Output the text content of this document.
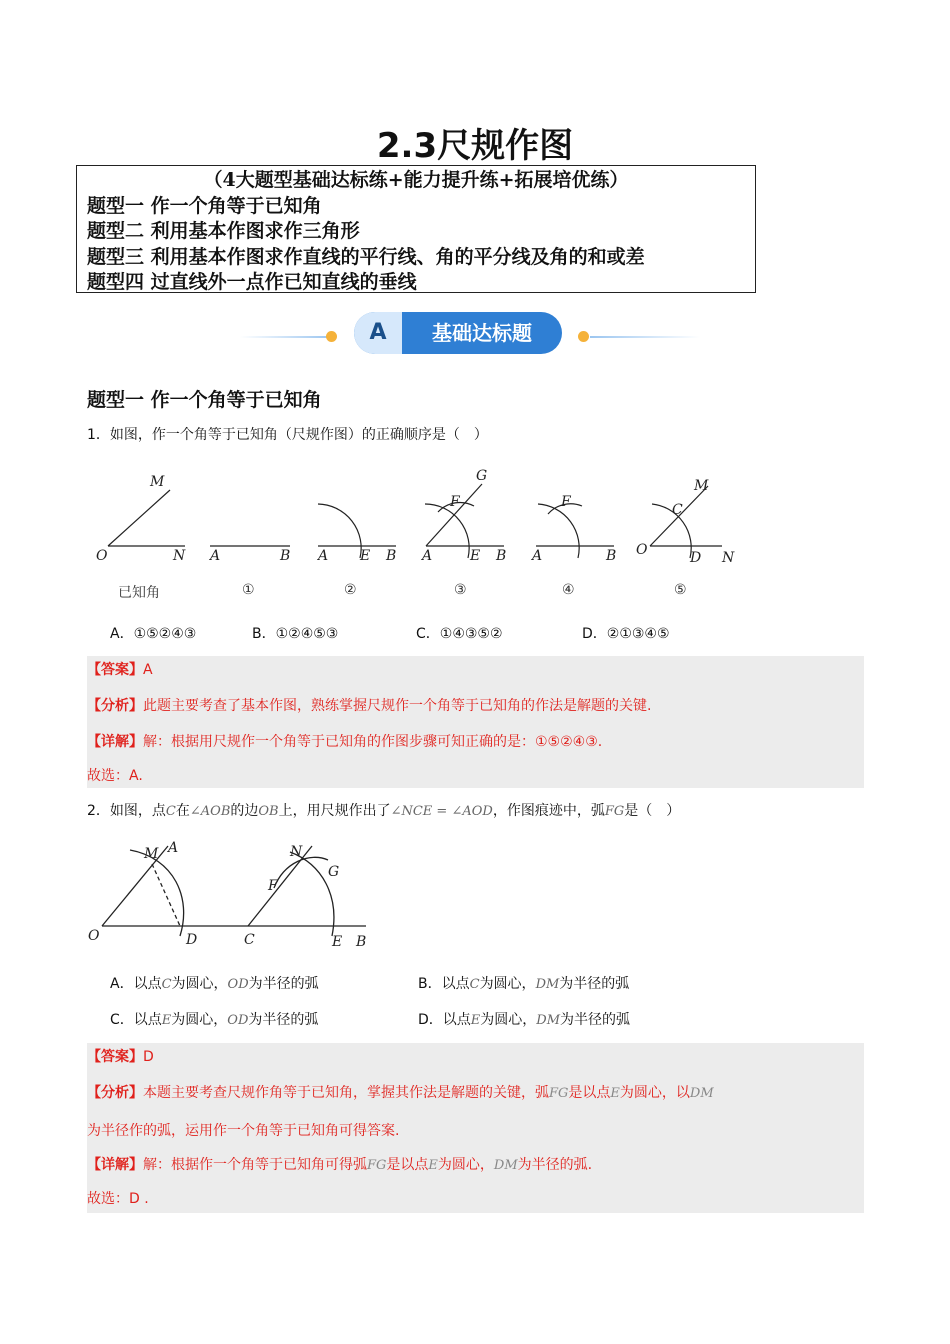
2.3尺规作图
（4大题型基础达标练+能力提升练+拓展培优练）
题型一 作一个角等于已知角
题型二 利用基本作图求作三角形
题型三 利用基本作图求作直线的平行线、角的平分线及角的和或差
题型四 过直线外一点作已知直线的垂线
A	基础达标题
题型一 作一个角等于已知角
1．如图，作一个角等于已知角（尺规作图）的正确顺序是（　）
M
O	N A	B A E B A	E B
F
G
A	B
F
O	D N
C
M
已知角	①	②	③	④	⑤
A．①⑤②④③	B．①②④⑤③	C．①④③⑤②	D．②①③④⑤
【答案】A
【分析】此题主要考查了基本作图，熟练掌握尺规作一个角等于已知角的作法是解题的关键.
【详解】解：根据用尺规作一个角等于已知角的作图步骤可知正确的是：①⑤②④③.
故选：A.
2．如图，点C在∠AOB的边OB上，用尺规作出了∠NCE = ∠AOD，作图痕迹中，弧FG是（　）
O
M A
D	C	E B
F
N
G
A．以点C为圆心，OD为半径的弧	B．以点C为圆心，DM为半径的弧
C．以点E为圆心，OD为半径的弧	D．以点E为圆心，DM为半径的弧
【答案】D
【分析】本题主要考查尺规作角等于已知角，掌握其作法是解题的关键，弧FG是以点E为圆心，以DM
为半径作的弧，运用作一个角等于已知角可得答案.
【详解】解：根据作一个角等于已知角可得弧FG是以点E为圆心，DM为半径的弧.
故选：D .
